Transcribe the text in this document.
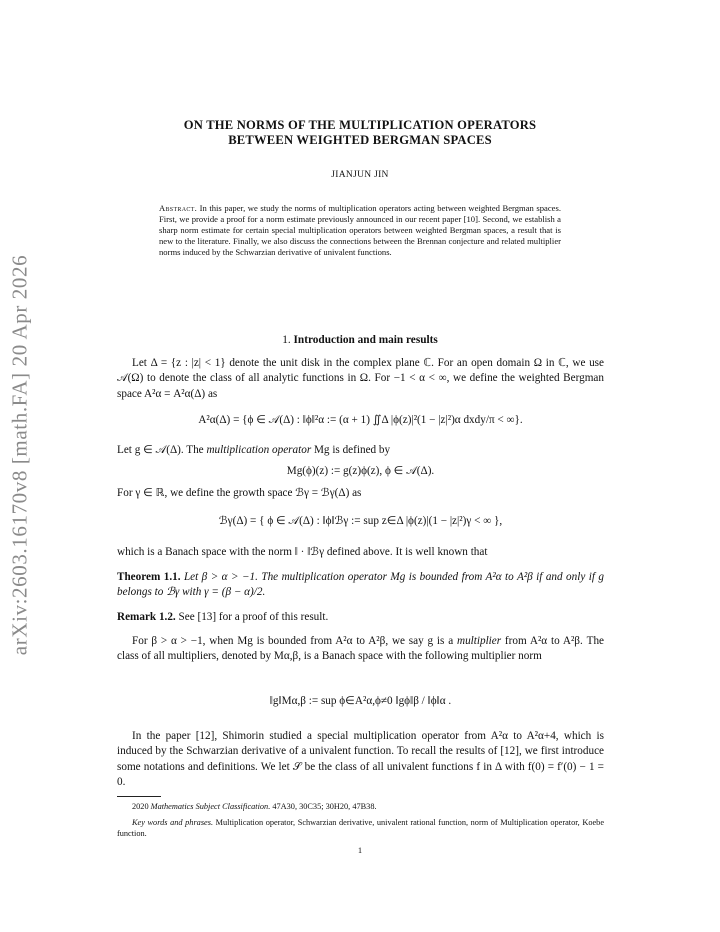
arXiv:2603.16170v8 [math.FA] 20 Apr 2026
ON THE NORMS OF THE MULTIPLICATION OPERATORS
BETWEEN WEIGHTED BERGMAN SPACES
JIANJUN JIN
Abstract. In this paper, we study the norms of multiplication operators acting between weighted Bergman spaces. First, we provide a proof for a norm estimate previously announced in our recent paper [10]. Second, we establish a sharp norm estimate for certain special multiplication operators between weighted Bergman spaces, a result that is new to the literature. Finally, we also discuss the connections between the Brennan conjecture and related multiplier norms induced by the Schwarzian derivative of univalent functions.
1. Introduction and main results
Let Δ = {z : |z| < 1} denote the unit disk in the complex plane ℂ. For an open domain Ω in ℂ, we use 𝒜(Ω) to denote the class of all analytic functions in Ω. For −1 < α < ∞, we define the weighted Bergman space A²α = A²α(Δ) as
A²α(Δ) = {ϕ ∈ 𝒜(Δ) : ‖ϕ‖²α := (α + 1) ∬Δ |ϕ(z)|²(1 − |z|²)α dxdy/π < ∞}.
Let g ∈ 𝒜(Δ). The multiplication operator Mg is defined by
Mg(ϕ)(z) := g(z)ϕ(z), ϕ ∈ 𝒜(Δ).
For γ ∈ ℝ, we define the growth space ℬγ = ℬγ(Δ) as
ℬγ(Δ) = { ϕ ∈ 𝒜(Δ) : ‖ϕ‖ℬγ := sup z∈Δ |ϕ(z)|(1 − |z|²)γ < ∞ },
which is a Banach space with the norm ‖ · ‖ℬγ defined above. It is well known that
Theorem 1.1. Let β > α > −1. The multiplication operator Mg is bounded from A²α to A²β if and only if g belongs to ℬγ with γ = (β − α)/2.
Remark 1.2. See [13] for a proof of this result.
For β > α > −1, when Mg is bounded from A²α to A²β, we say g is a multiplier from A²α to A²β. The class of all multipliers, denoted by Mα,β, is a Banach space with the following multiplier norm
‖g‖Mα,β := sup ϕ∈A²α,ϕ≠0 ‖gϕ‖β / ‖ϕ‖α .
In the paper [12], Shimorin studied a special multiplication operator from A²α to A²α+4, which is induced by the Schwarzian derivative of a univalent function. To recall the results of [12], we first introduce some notations and definitions. We let 𝒮 be the class of all univalent functions f in Δ with f(0) = f′(0) − 1 = 0.
2020 Mathematics Subject Classification. 47A30, 30C35; 30H20, 47B38.
Key words and phrases. Multiplication operator, Schwarzian derivative, univalent rational function, norm of Multiplication operator, Koebe function.
1
